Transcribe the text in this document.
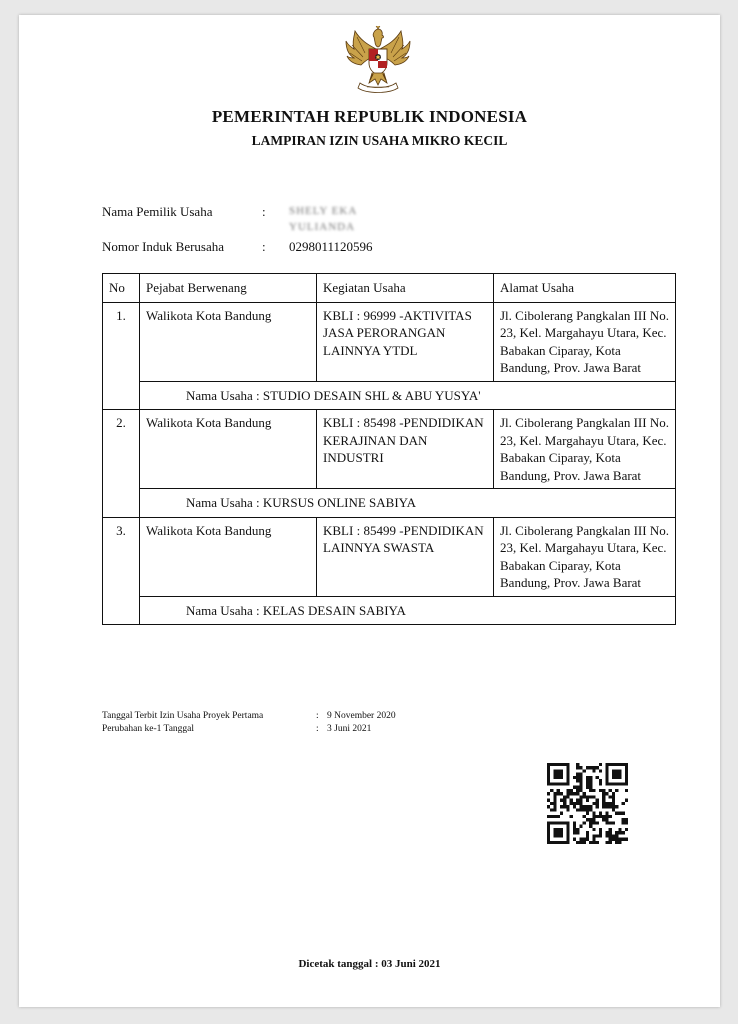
PEMERINTAH REPUBLIK INDONESIA
LAMPIRAN IZIN USAHA MIKRO KECIL
Nama Pemilik Usaha	: SHELY EKA
YULIANDA
Nomor Induk Berusaha	: 0298011120596
No	Pejabat Berwenang	Kegiatan Usaha	Alamat Usaha
1.	Walikota Kota Bandung	KBLI : 96999 -AKTIVITAS JASA PERORANGAN LAINNYA YTDL	Jl. Cibolerang Pangkalan III No. 23, Kel. Margahayu Utara, Kec. Babakan Ciparay, Kota Bandung, Prov. Jawa Barat
	Nama Usaha : STUDIO DESAIN SHL & ABU YUSYA'		
2.	Walikota Kota Bandung	KBLI : 85498 -PENDIDIKAN KERAJINAN DAN INDUSTRI	Jl. Cibolerang Pangkalan III No. 23, Kel. Margahayu Utara, Kec. Babakan Ciparay, Kota Bandung, Prov. Jawa Barat
	Nama Usaha : KURSUS ONLINE SABIYA		
3.	Walikota Kota Bandung	KBLI : 85499 -PENDIDIKAN LAINNYA SWASTA	Jl. Cibolerang Pangkalan III No. 23, Kel. Margahayu Utara, Kec. Babakan Ciparay, Kota Bandung, Prov. Jawa Barat
	Nama Usaha : KELAS DESAIN SABIYA		
Tanggal Terbit Izin Usaha Proyek Pertama	: 9 November 2020
Perubahan ke-1 Tanggal	: 3 Juni 2021
Dicetak tanggal : 03 Juni 2021
